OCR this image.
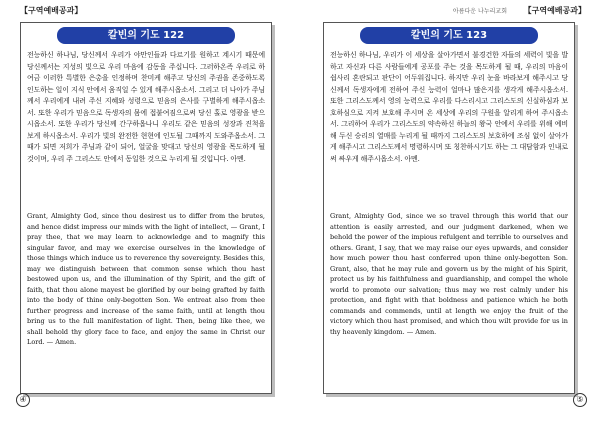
【구역예배공과】
칼빈의 기도 122
전능하신 하나님, 당신께서 우리가 야만인들과 다르기를 원하고 계시기 때문에 당신께서는 지성의 빛으로 우리 마음에 감동을 주십니다. 그러하온즉 우리로 하여금 이러한 특별한 은총을 인정하며 찬미케 해주고 당신의 주권을 존중하도록 인도하는 일이 지식 안에서 움직일 수 있게 해주시옵소서. 그리고 더 나아가 주님께서 우리에게 내려 주신 지혜와 성령으로 믿음의 은사를 구별하게 해주시옵소서. 또한 우리가 믿음으로 독생자의 몸에 접붙여짐으로써 당신 홀로 영광을 받으시옵소서. 또한 우리가 당신께 간구하옵나니 우리도 같은 믿음의 성장과 진척을 보게 하시옵소서. 우리가 빛의 완전한 현현에 인도될 그때까지 도와주옵소서. 그때가 되면 저희가 주님과 같이 되어, 얼굴을 맞대고 당신의 영광을 목도하게 될 것이며, 우리 주 그리스도 안에서 동일한 것으로 누리게 될 것입니다. 아멘.
Grant, Almighty God, since thou desirest us to differ from the brutes, and hence didst impress our minds with the light of intellect, — Grant, I pray thee, that we may learn to acknowledge and to magnify this singular favor, and may we exercise ourselves in the knowledge of those things which induce us to reverence thy sovereignty. Besides this, may we distinguish between that common sense which thou hast bestowed upon us, and the illumination of thy Spirit, and the gift of faith, that thou alone mayest be glorified by our being grafted by faith into the body of thine only-begotten Son. We entreat also from thee further progress and increase of the same faith, until at length thou bring us to the full manifestation of light. Then, being like thee, we shall behold thy glory face to face, and enjoy the same in Christ our Lord. — Amen.
④
아름다운 나누리교회 【구역예배공과】
칼빈의 기도 123
전능하신 하나님, 우리가 이 세상을 살아가면서 불경건한 자들의 세력이 빛을 발하고 자신과 다른 사람들에게 공포를 주는 것을 목도하게 될 때, 우리의 마음이 쉽사리 혼란되고 판단이 어두워집니다. 하지만 우리 눈을 바라보게 해주시고 당신께서 독생자에게 전하여 주신 능력이 얼마나 많은지를 생각게 해주시옵소서. 또한 그리스도께서 영의 능력으로 우리를 다스리시고 그리스도의 신실하심과 보호하심으로 지켜 보호해 주시며 온 세상에 우리의 구원을 알리게 하여 주시옵소서. 그리하여 우리가 그리스도의 약속하신 하늘의 왕국 안에서 우리를 위해 예비해 두신 승리의 열매를 누리게 될 때까지 그리스도의 보호하에 조심 없이 살아가게 해주시고 그리스도께서 명령하시며 또 칭찬하시기도 하는 그 대담함과 인내로써 싸우게 해주시옵소서. 아멘.
Grant, Almighty God, since we so travel through this world that our attention is easily arrested, and our judgment darkened, when we behold the power of the impious refulgent and terrible to ourselves and others. Grant, I say, that we may raise our eyes upwards, and consider how much power thou hast conferred upon thine only-begotten Son. Grant, also, that he may rule and govern us by the might of his Spirit, protect us by his faithfulness and guardianship, and compel the whole world to promote our salvation; thus may we rest calmly under his protection, and fight with that boldness and patience which he both commands and commends, until at length we enjoy the fruit of the victory which thou hast promised, and which thou wilt provide for us in thy heavenly kingdom. — Amen.
⑤
